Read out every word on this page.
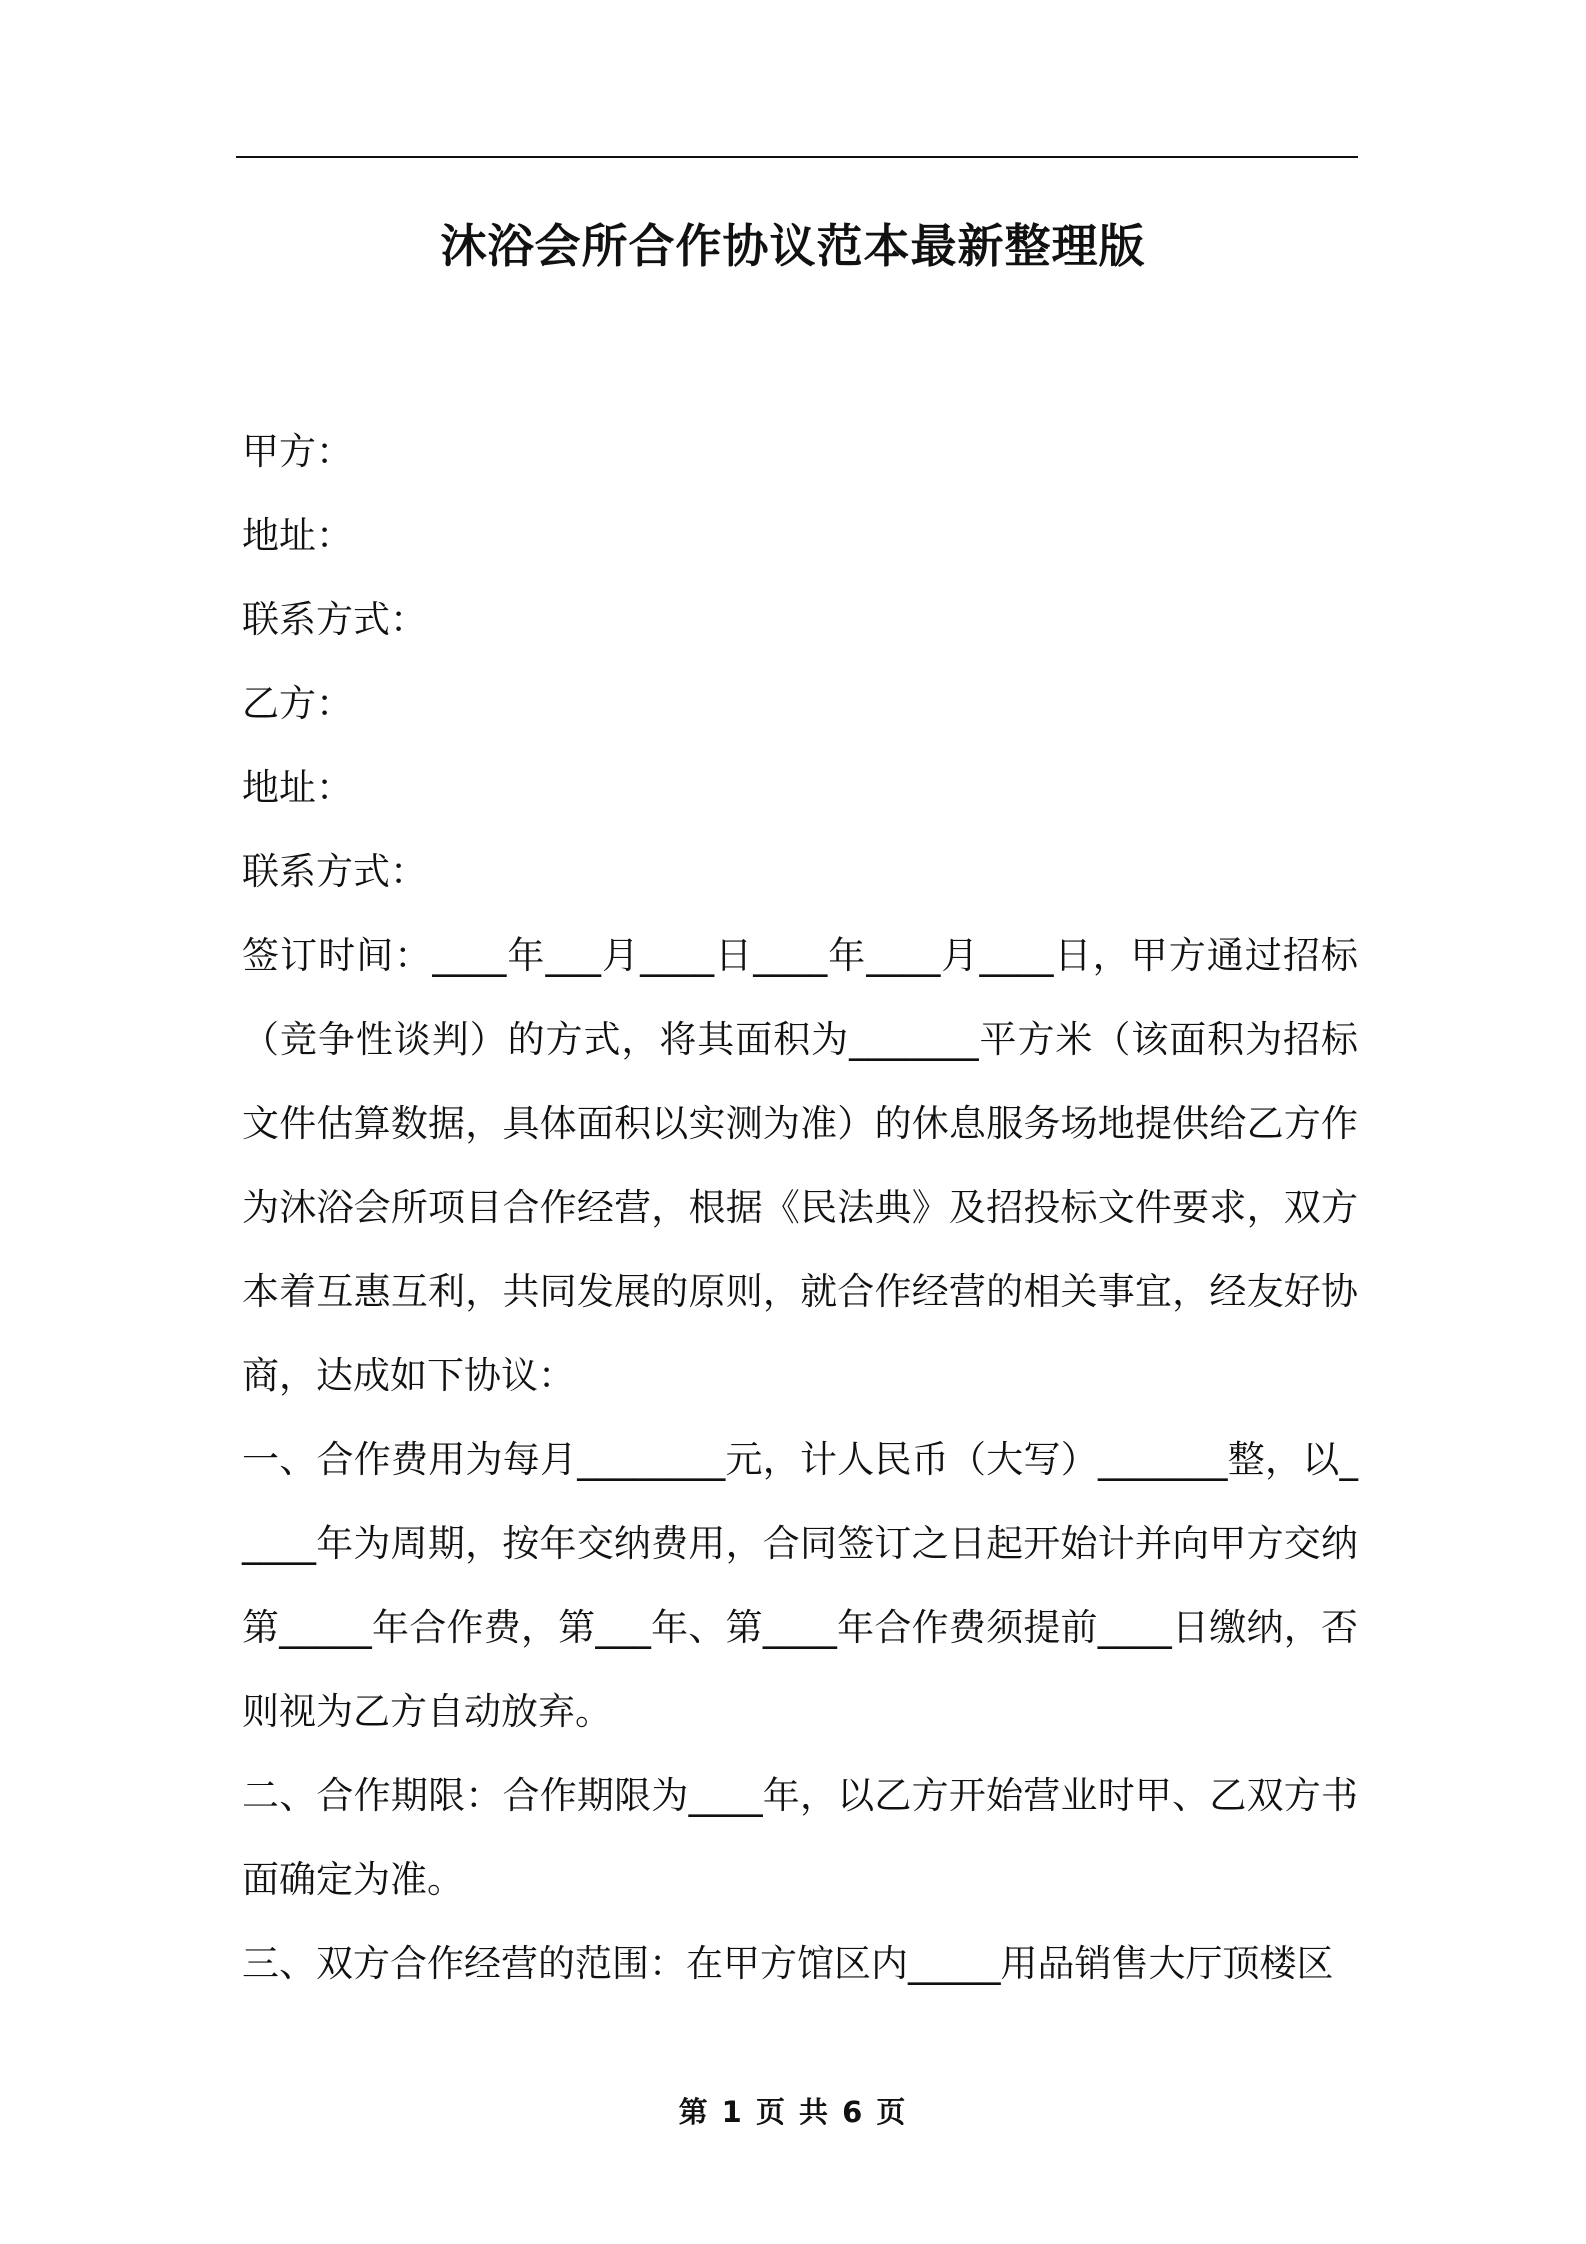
沐浴会所合作协议范本最新整理版
甲方：
地址：
联系方式：
乙方：
地址：
联系方式：

签订时间：____年___月____日____年____月____日，甲方通过招标（竞争性谈判）的方式，将其面积为_______平方米（该面积为招标文件估算数据，具体面积以实测为准）的休息服务场地提供给乙方作为沐浴会所项目合作经营，根据《民法典》及招投标文件要求，双方本着互惠互利，共同发展的原则，就合作经营的相关事宜，经友好协商，达成如下协议：

一、合作费用为每月________元，计人民币（大写）_______整，以_____年为周期，按年交纳费用，合同签订之日起开始计并向甲方交纳第_____年合作费，第___年、第____年合作费须提前____日缴纳，否则视为乙方自动放弃。

二、合作期限：合作期限为____年，以乙方开始营业时甲、乙双方书面确定为准。

三、双方合作经营的范围：在甲方馆区内_____用品销售大厅顶楼区

第 1 页 共 6 页
